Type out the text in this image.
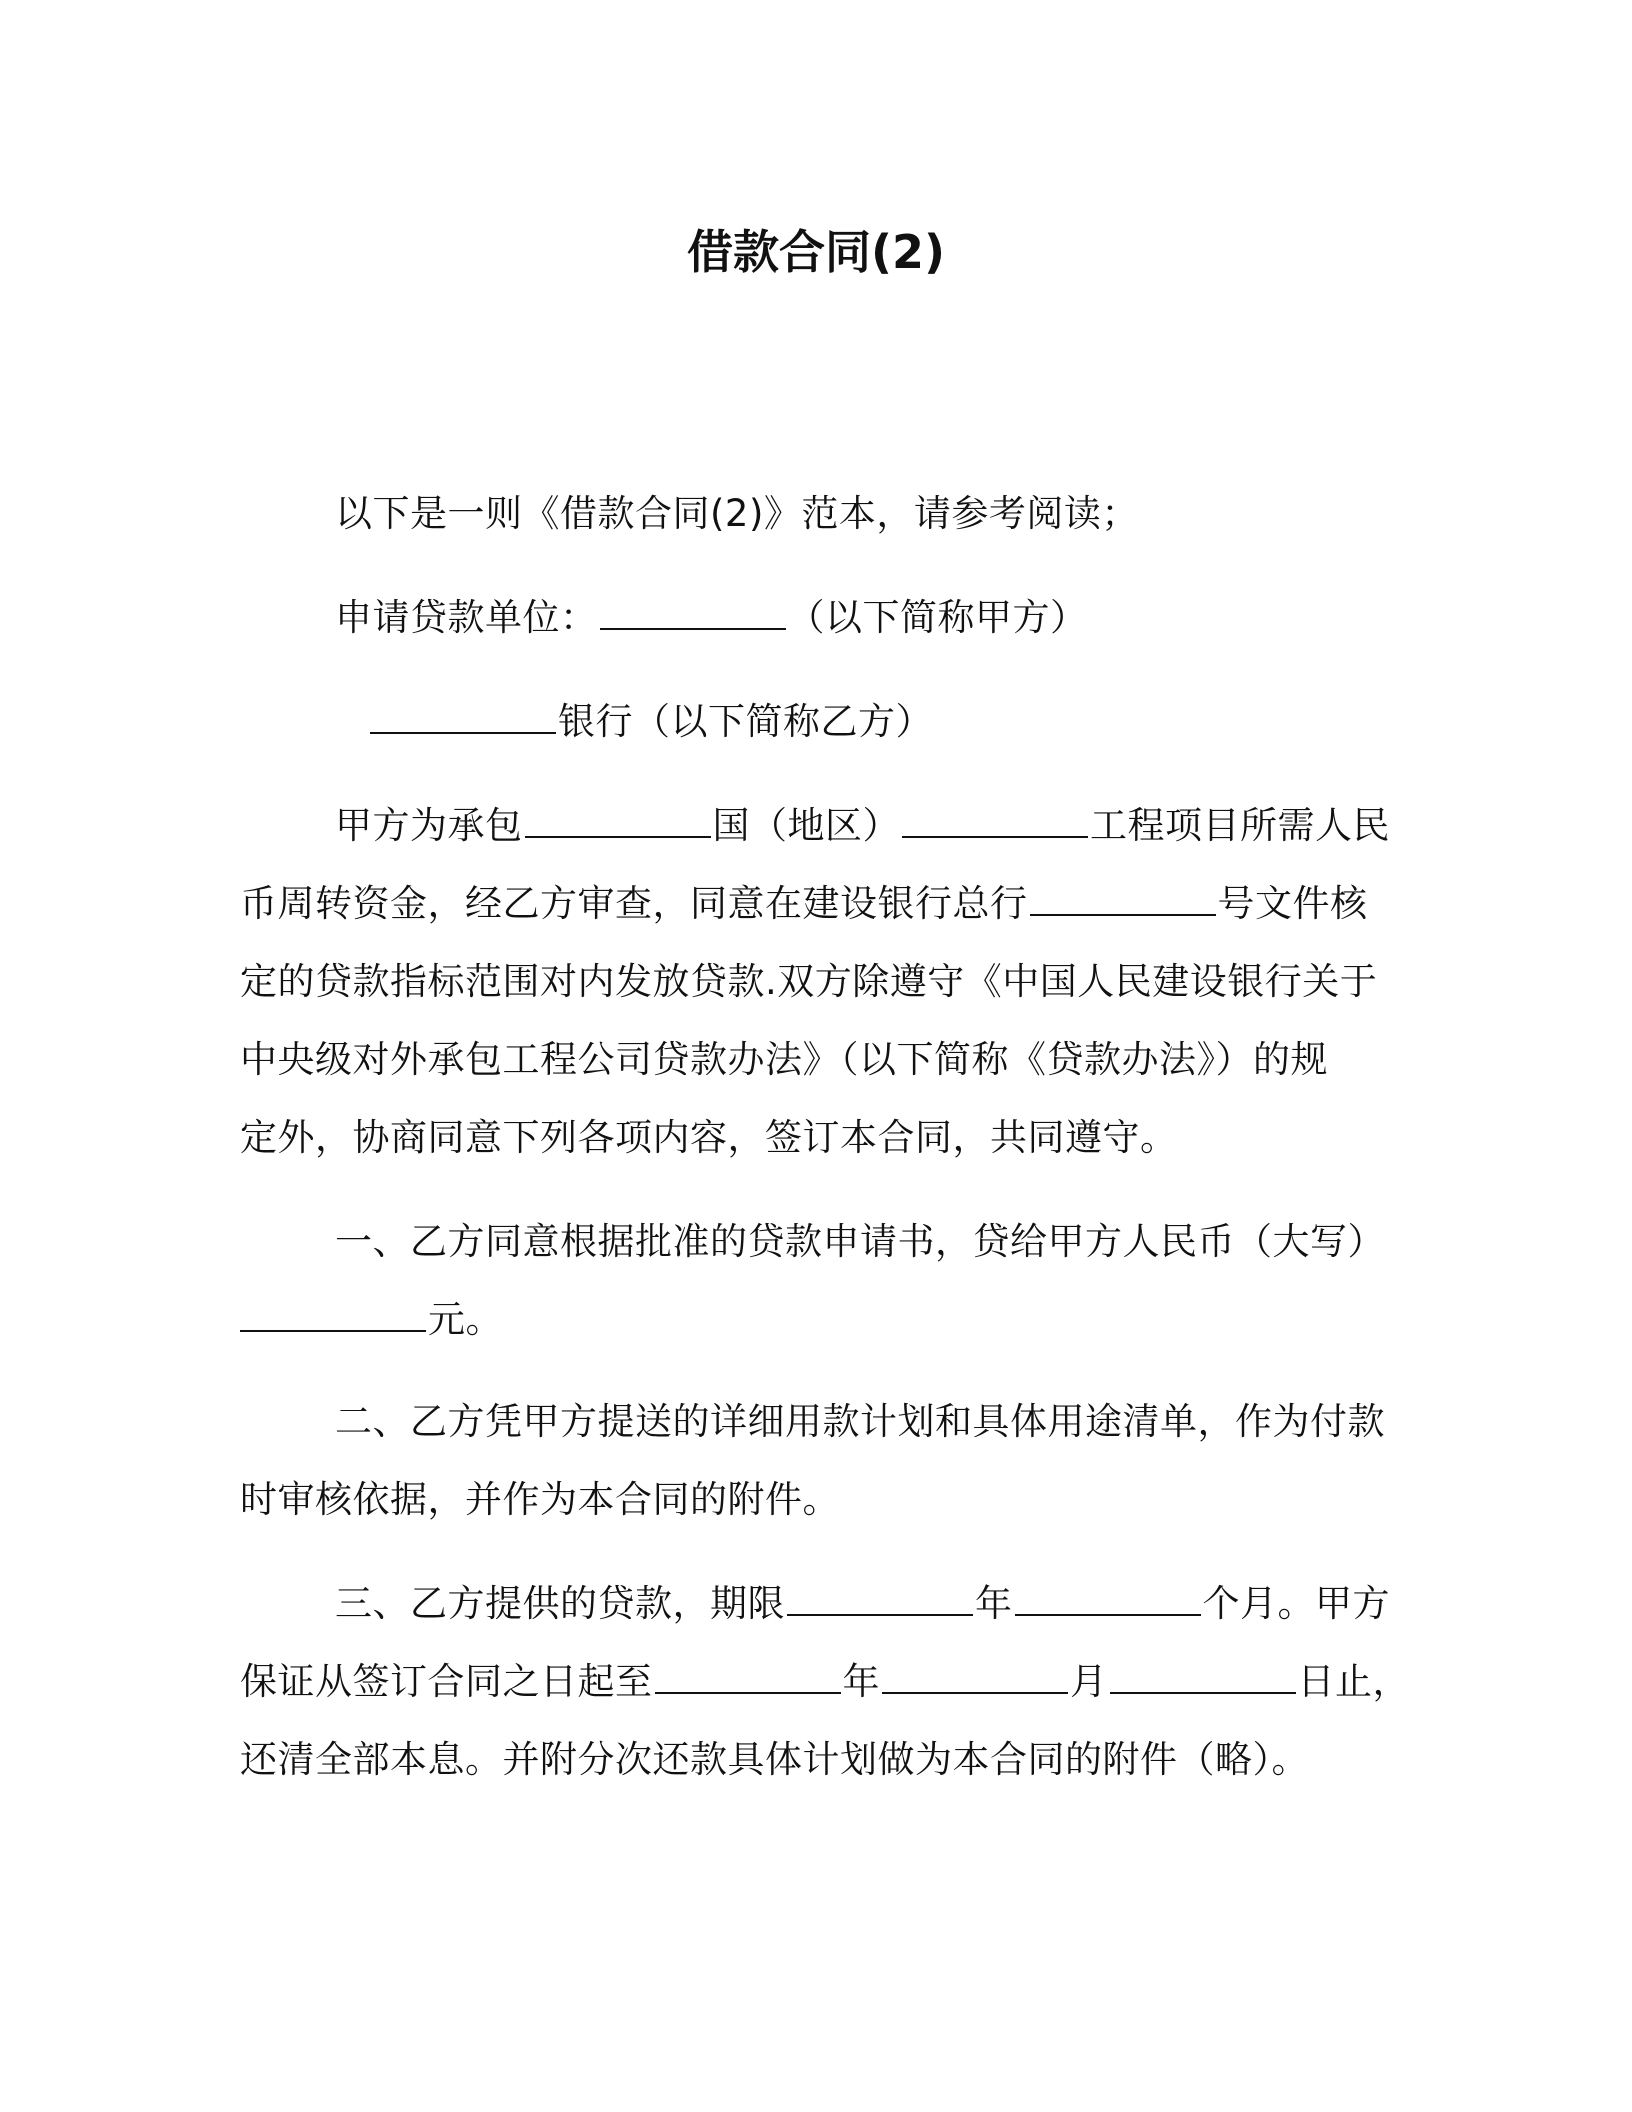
借款合同(2)
以下是一则《借款合同(2)》范本，请参考阅读；
申请贷款单位：	（以下简称甲方）
银行（以下简称乙方）
甲方为承包	国（地区）	工程项目所需人民
币周转资金，经乙方审查，同意在建设银行总行	号文件核
定的贷款指标范围对内发放贷款.双方除遵守《中国人民建设银行关于
中央级对外承包工程公司贷款办法》（以下简称《贷款办法》）的规
定外，协商同意下列各项内容，签订本合同，共同遵守。
一、乙方同意根据批准的贷款申请书，贷给甲方人民币（大写）
元。
二、乙方凭甲方提送的详细用款计划和具体用途清单，作为付款
时审核依据，并作为本合同的附件。
三、乙方提供的贷款，期限	年	个月。甲方
保证从签订合同之日起至	年	月	日止，
还清全部本息。并附分次还款具体计划做为本合同的附件（略）。
